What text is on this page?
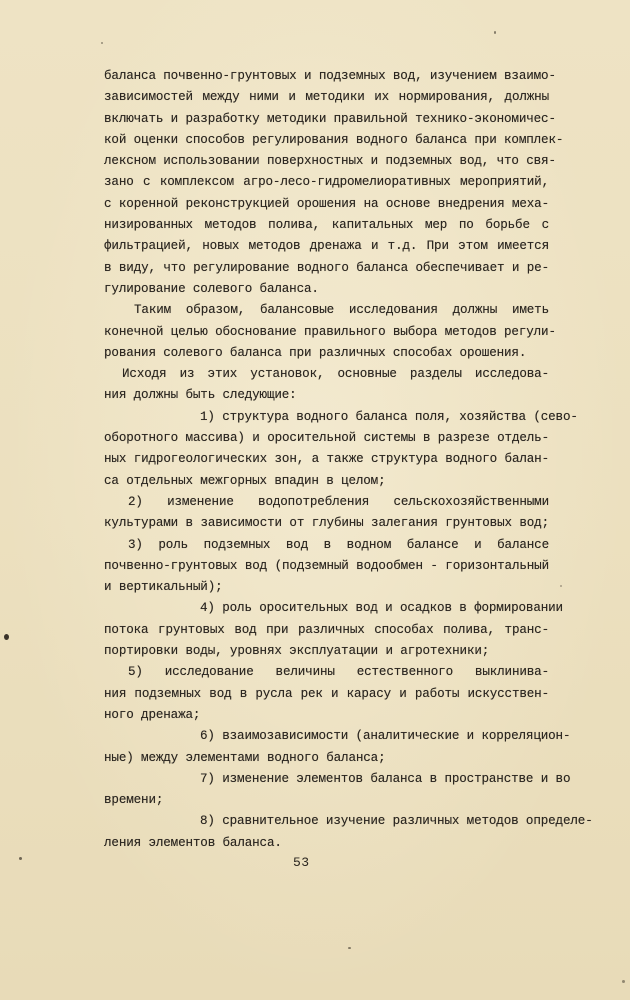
баланса почвенно-грунтовых и подземных вод, изучением взаимо-
зависимостей между ними и методики их нормирования, должны
включать и разработку методики правильной технико-экономичес-
кой оценки способов регулирования водного баланса при комплек-
лексном использовании поверхностных и подземных вод, что свя-
зано с комплексом агро-лесо-гидромелиоративных мероприятий,
с коренной реконструкцией орошения на основе внедрения меха-
низированных методов полива, капитальных мер по борьбе с
фильтрацией, новых методов дренажа и т.д. При этом имеется
в виду, что регулирование водного баланса обеспечивает и ре-
гулирование солевого баланса.
Таким образом, балансовые исследования должны иметь
конечной целью обоснование правильного выбора методов регули-
рования солевого баланса при различных способах орошения.
Исходя из этих установок, основные разделы исследова-
ния должны быть следующие:
1) структура водного баланса поля, хозяйства (сево-
оборотного массива) и оросительной системы в разрезе отдель-
ных гидрогеологических зон, а также структура водного балан-
са отдельных межгорных впадин в целом;
2) изменение водопотребления сельскохозяйственными
культурами в зависимости от глубины залегания грунтовых вод;
3) роль подземных вод в водном балансе и балансе
почвенно-грунтовых вод (подземный водообмен - горизонтальный
и вертикальный);
4) роль оросительных вод и осадков в формировании
потока грунтовых вод при различных способах полива, транс-
портировки воды, уровнях эксплуатации и агротехники;
5) исследование величины естественного выклинива-
ния подземных вод в русла рек и карасу и работы искусствен-
ного дренажа;
6) взаимозависимости (аналитические и корреляцион-
ные) между элементами водного баланса;
7) изменение элементов баланса в пространстве и во
времени;
8) сравнительное изучение различных методов определе-
ления элементов баланса.
53
